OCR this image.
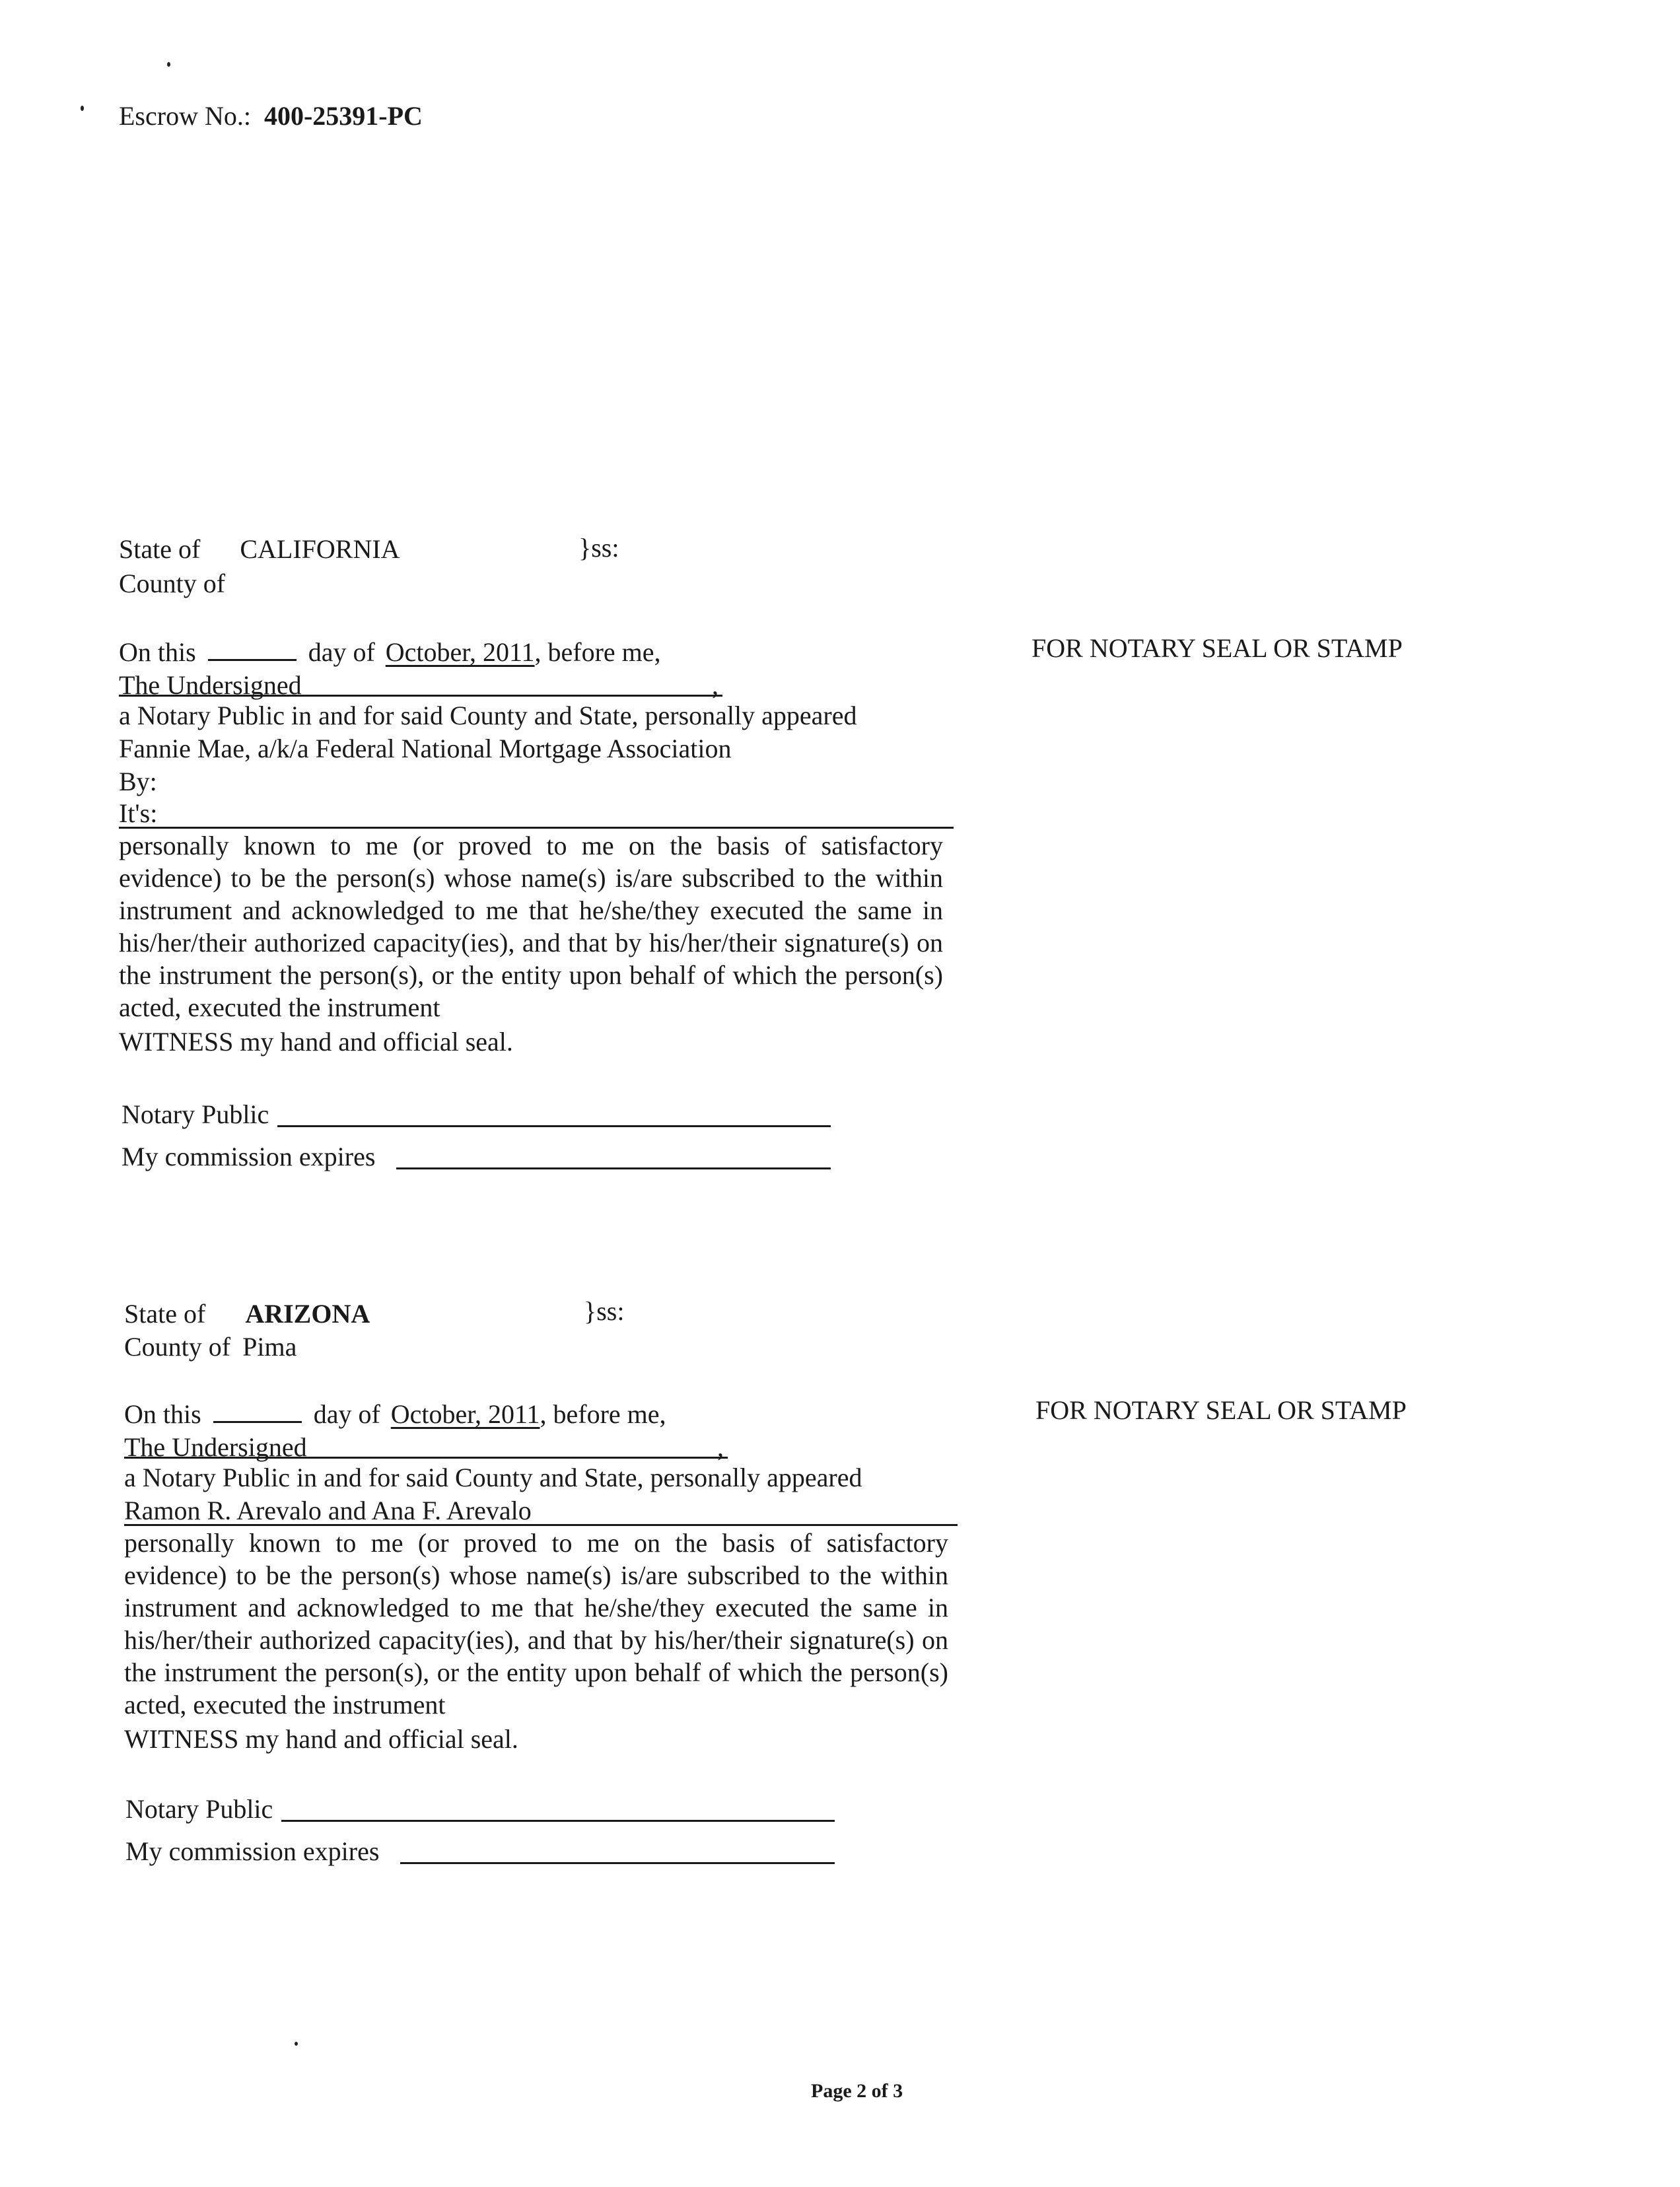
Escrow No.: 400-25391-PC
State of CALIFORNIA	}ss:
County of
On this	day of October, 2011, before me,	FOR NOTARY SEAL OR STAMP
The Undersigned	,
a Notary Public in and for said County and State, personally appeared
Fannie Mae, a/k/a Federal National Mortgage Association
By:
It's:
personally known to me (or proved to me on the basis of satisfactory evidence) to be the person(s) whose name(s) is/are subscribed to the within instrument and acknowledged to me that he/she/they executed the same in his/her/their authorized capacity(ies), and that by his/her/their signature(s) on the instrument the person(s), or the entity upon behalf of which the person(s) acted, executed the instrument
WITNESS my hand and official seal.
Notary Public
My commission expires
State of ARIZONA	}ss:
County of Pima
On this	day of October, 2011, before me,	FOR NOTARY SEAL OR STAMP
The Undersigned	,
a Notary Public in and for said County and State, personally appeared
Ramon R. Arevalo and Ana F. Arevalo
personally known to me (or proved to me on the basis of satisfactory evidence) to be the person(s) whose name(s) is/are subscribed to the within instrument and acknowledged to me that he/she/they executed the same in his/her/their authorized capacity(ies), and that by his/her/their signature(s) on the instrument the person(s), or the entity upon behalf of which the person(s) acted, executed the instrument
WITNESS my hand and official seal.
Notary Public
My commission expires
Page 2 of 3
